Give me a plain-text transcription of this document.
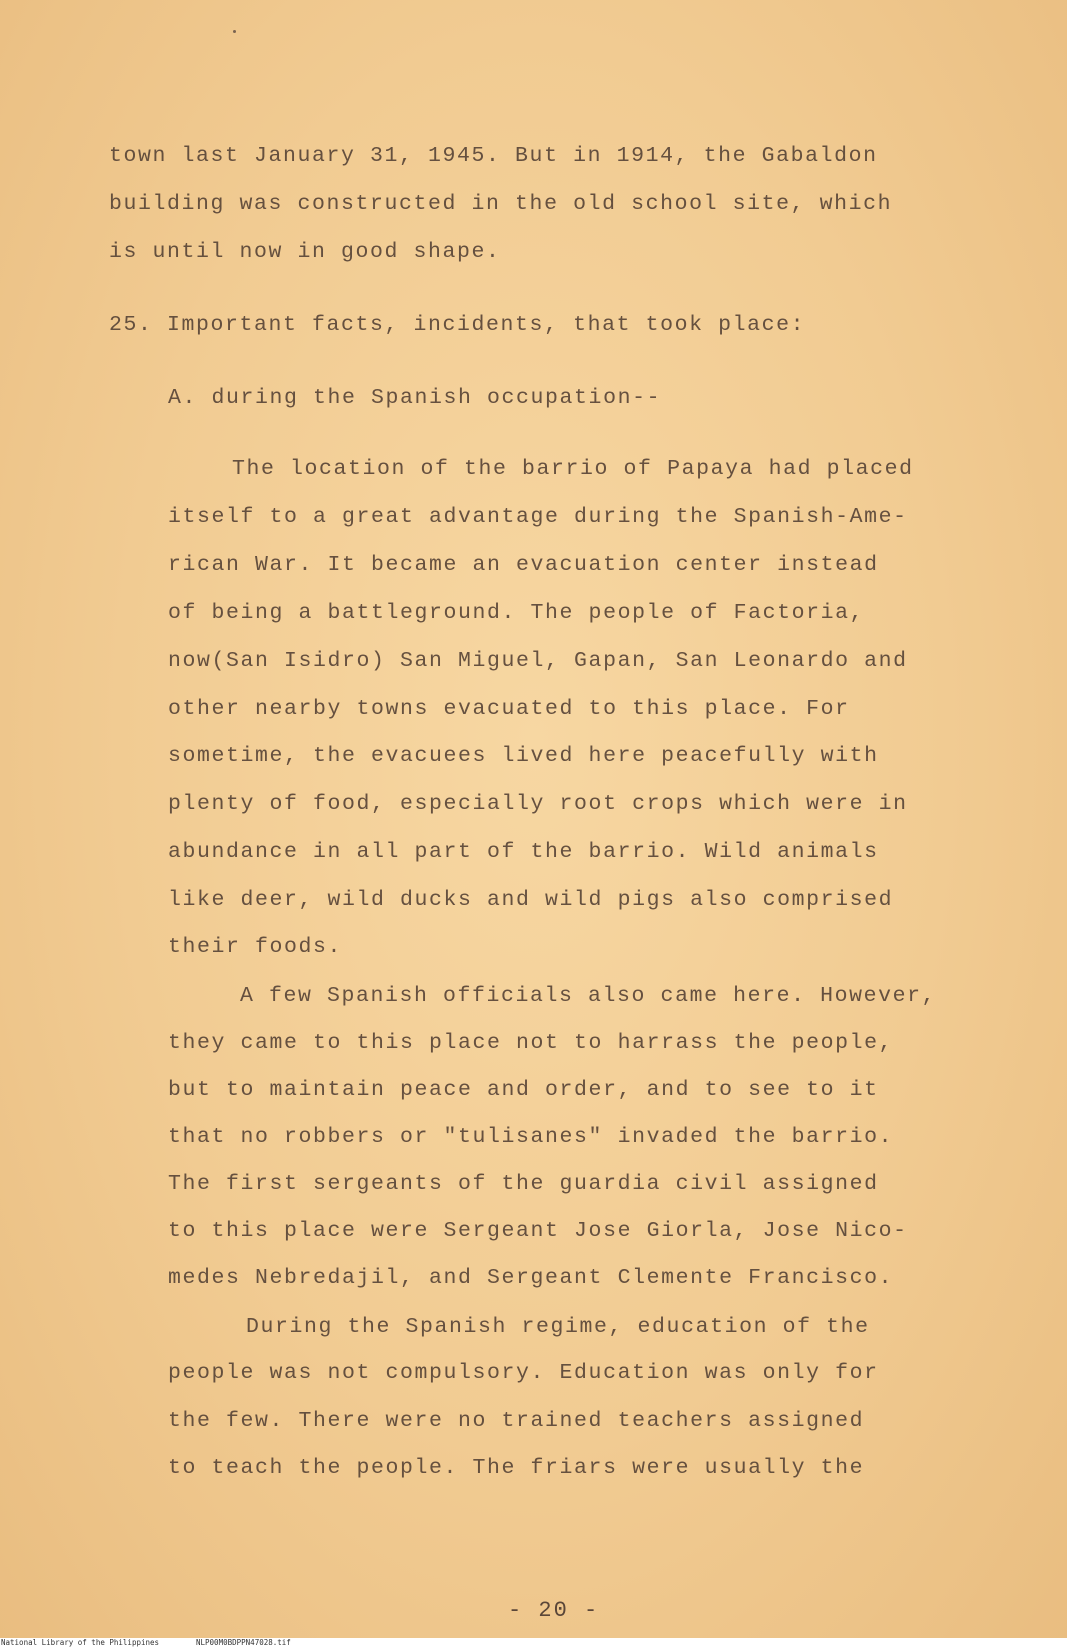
town last January 31, 1945. But in 1914, the Gabaldon

building was constructed in the old school site, which

is until now in good shape.

25. Important facts, incidents, that took place:

A. during the Spanish occupation--

The location of the barrio of Papaya had placed

itself to a great advantage during the Spanish-Ame-

rican War. It became an evacuation center instead

of being a battleground. The people of Factoria,

now(San Isidro) San Miguel, Gapan, San Leonardo and

other nearby towns evacuated to this place. For

sometime, the evacuees lived here peacefully with

plenty of food, especially root crops which were in

abundance in all part of the barrio. Wild animals

like deer, wild ducks and wild pigs also comprised

their foods.

A few Spanish officials also came here. However,

they came to this place not to harrass the people,

but to maintain peace and order, and to see to it

that no robbers or "tulisanes" invaded the barrio.

The first sergeants of the guardia civil assigned

to this place were Sergeant Jose Giorla, Jose Nico-

medes Nebredajil, and Sergeant Clemente Francisco.

During the Spanish regime, education of the

people was not compulsory. Education was only for

the few. There were no trained teachers assigned

to teach the people. The friars were usually the

- 20 -
National Library of the Philippines	NLP00M0BDPPN47028.tif
